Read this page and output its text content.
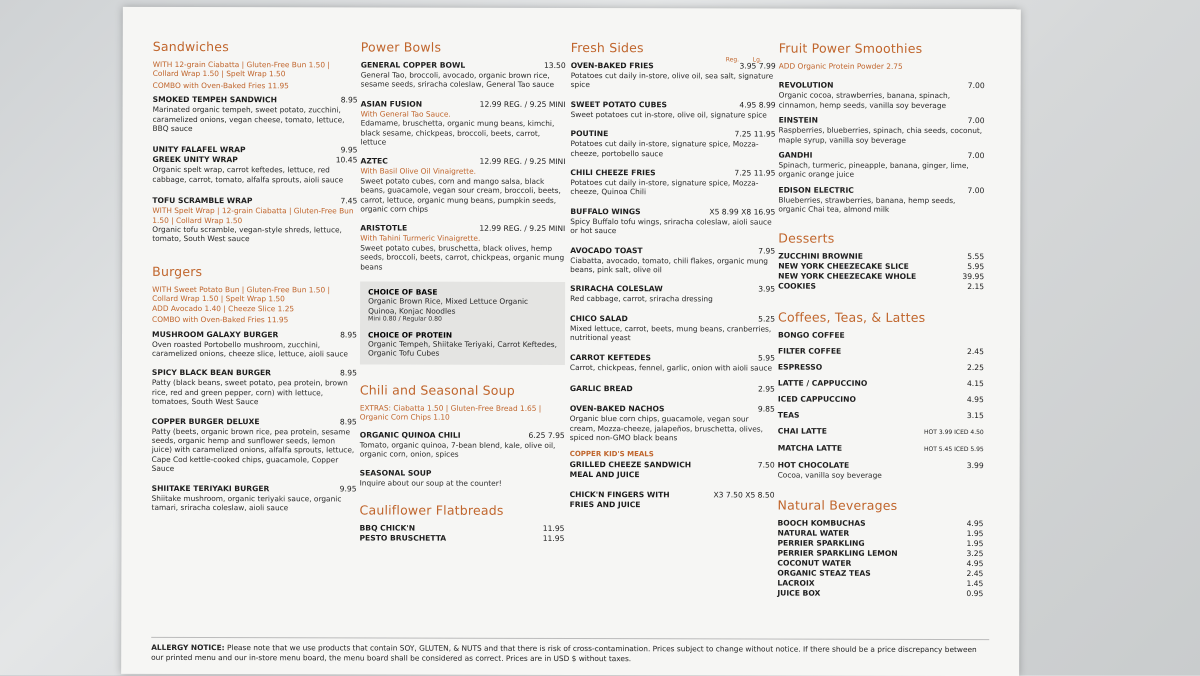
Sandwiches
WITH 12-grain Ciabatta | Gluten-Free Bun 1.50 | Collard Wrap 1.50 | Spelt Wrap 1.50
COMBO with Oven-Baked Fries 11.95
SMOKED TEMPEH SANDWICH	8.95
Marinated organic tempeh, sweet potato, zucchini, caramelized onions, vegan cheese, tomato, lettuce, BBQ sauce
UNITY FALAFEL WRAP	9.95
GREEK UNITY WRAP	10.45
Organic spelt wrap, carrot keftedes, lettuce, red cabbage, carrot, tomato, alfalfa sprouts, aioli sauce
TOFU SCRAMBLE WRAP	7.45
WITH Spelt Wrap | 12-grain Ciabatta | Gluten-Free Bun 1.50 | Collard Wrap 1.50
Organic tofu scramble, vegan-style shreds, lettuce, tomato, South West sauce
Burgers
WITH Sweet Potato Bun | Gluten-Free Bun 1.50 | Collard Wrap 1.50 | Spelt Wrap 1.50
ADD Avocado 1.40 | Cheeze Slice 1.25
COMBO with Oven-Baked Fries 11.95
MUSHROOM GALAXY BURGER	8.95
Oven roasted Portobello mushroom, zucchini, caramelized onions, cheeze slice, lettuce, aioli sauce
SPICY BLACK BEAN BURGER	8.95
Patty (black beans, sweet potato, pea protein, brown rice, red and green pepper, corn) with lettuce, tomatoes, South West Sauce
COPPER BURGER DELUXE	8.95
Patty (beets, organic brown rice, pea protein, sesame seeds, organic hemp and sunflower seeds, lemon juice) with caramelized onions, alfalfa sprouts, lettuce, Cape Cod kettle-cooked chips, guacamole, Copper Sauce
SHIITAKE TERIYAKI BURGER	9.95
Shiitake mushroom, organic teriyaki sauce, organic tamari, sriracha coleslaw, aioli sauce
Power Bowls
GENERAL COPPER BOWL	13.50
General Tao, broccoli, avocado, organic brown rice, sesame seeds, sriracha coleslaw, General Tao sauce
ASIAN FUSION	12.99 REG. / 9.25 MINI
With General Tao Sauce.
Edamame, bruschetta, organic mung beans, kimchi, black sesame, chickpeas, broccoli, beets, carrot, lettuce
AZTEC	12.99 REG. / 9.25 MINI
With Basil Olive Oil Vinaigrette.
Sweet potato cubes, corn and mango salsa, black beans, guacamole, vegan sour cream, broccoli, beets, carrot, lettuce, organic mung beans, pumpkin seeds, organic corn chips
ARISTOTLE	12.99 REG. / 9.25 MINI
With Tahini Turmeric Vinaigrette.
Sweet potato cubes, bruschetta, black olives, hemp seeds, broccoli, beets, carrot, chickpeas, organic mung beans
CHOICE OF BASE
Organic Brown Rice, Mixed Lettuce Organic Quinoa, Konjac Noodles
Mini 0.80 / Regular 0.80
CHOICE OF PROTEIN
Organic Tempeh, Shiitake Teriyaki, Carrot Keftedes, Organic Tofu Cubes
Chili and Seasonal Soup
EXTRAS: Ciabatta 1.50 | Gluten-Free Bread 1.65 | Organic Corn Chips 1.10
ORGANIC QUINOA CHILI	6.25 7.95
Tomato, organic quinoa, 7-bean blend, kale, olive oil, organic corn, onion, spices
SEASONAL SOUP
Inquire about our soup at the counter!
Cauliflower Flatbreads
BBQ CHICK'N	11.95
PESTO BRUSCHETTA	11.95
Fresh Sides
Reg. Lg.
OVEN-BAKED FRIES	3.95 7.99
Potatoes cut daily in-store, olive oil, sea salt, signature spice
SWEET POTATO CUBES	4.95 8.99
Sweet potatoes cut in-store, olive oil, signature spice
POUTINE	7.25 11.95
Potatoes cut daily in-store, signature spice, Mozza-cheeze, portobello sauce
CHILI CHEEZE FRIES	7.25 11.95
Potatoes cut daily in-store, signature spice, Mozza-cheeze, Quinoa Chili
BUFFALO WINGS	X5 8.99 X8 16.95
Spicy Buffalo tofu wings, sriracha coleslaw, aioli sauce or hot sauce
AVOCADO TOAST	7.95
Ciabatta, avocado, tomato, chili flakes, organic mung beans, pink salt, olive oil
SRIRACHA COLESLAW	3.95
Red cabbage, carrot, sriracha dressing
CHICO SALAD	5.25
Mixed lettuce, carrot, beets, mung beans, cranberries, nutritional yeast
CARROT KEFTEDES	5.95
Carrot, chickpeas, fennel, garlic, onion with aioli sauce
GARLIC BREAD	2.95
OVEN-BAKED NACHOS	9.85
Organic blue corn chips, guacamole, vegan sour cream, Mozza-cheeze, jalapeños, bruschetta, olives, spiced non-GMO black beans
COPPER KID'S MEALS
GRILLED CHEEZE SANDWICH MEAL AND JUICE
7.50
CHICK'N FINGERS WITH FRIES AND JUICE
X3 7.50 X5 8.50
Fruit Power Smoothies
ADD Organic Protein Powder 2.75
REVOLUTION	7.00
Organic cocoa, strawberries, banana, spinach, cinnamon, hemp seeds, vanilla soy beverage
EINSTEIN	7.00
Raspberries, blueberries, spinach, chia seeds, coconut, maple syrup, vanilla soy beverage
GANDHI	7.00
Spinach, turmeric, pineapple, banana, ginger, lime, organic orange juice
EDISON ELECTRIC	7.00
Blueberries, strawberries, banana, hemp seeds, organic Chai tea, almond milk
Desserts
ZUCCHINI BROWNIE	5.55
NEW YORK CHEEZECAKE SLICE	5.95
NEW YORK CHEEZECAKE WHOLE	39.95
COOKIES	2.15
Coffees, Teas, & Lattes
BONGO COFFEE
FILTER COFFEE	2.45
ESPRESSO	2.25
LATTE / CAPPUCCINO	4.15
ICED CAPPUCCINO	4.95
TEAS	3.15
CHAI LATTE	HOT 3.99 ICED 4.50
MATCHA LATTE	HOT 5.45 ICED 5.95
HOT CHOCOLATE	3.99
Cocoa, vanilla soy beverage
Natural Beverages
BOOCH KOMBUCHAS	4.95
NATURAL WATER	1.95
PERRIER SPARKLING	1.95
PERRIER SPARKLING LEMON	3.25
COCONUT WATER	4.95
ORGANIC STEAZ TEAS	2.45
LACROIX	1.45
JUICE BOX	0.95
ALLERGY NOTICE: Please note that we use products that contain SOY, GLUTEN, & NUTS and that there is risk of cross-contamination. Prices subject to change without notice. If there should be a price discrepancy between our printed menu and our in-store menu board, the menu board shall be considered as correct. Prices are in USD $ without taxes.
